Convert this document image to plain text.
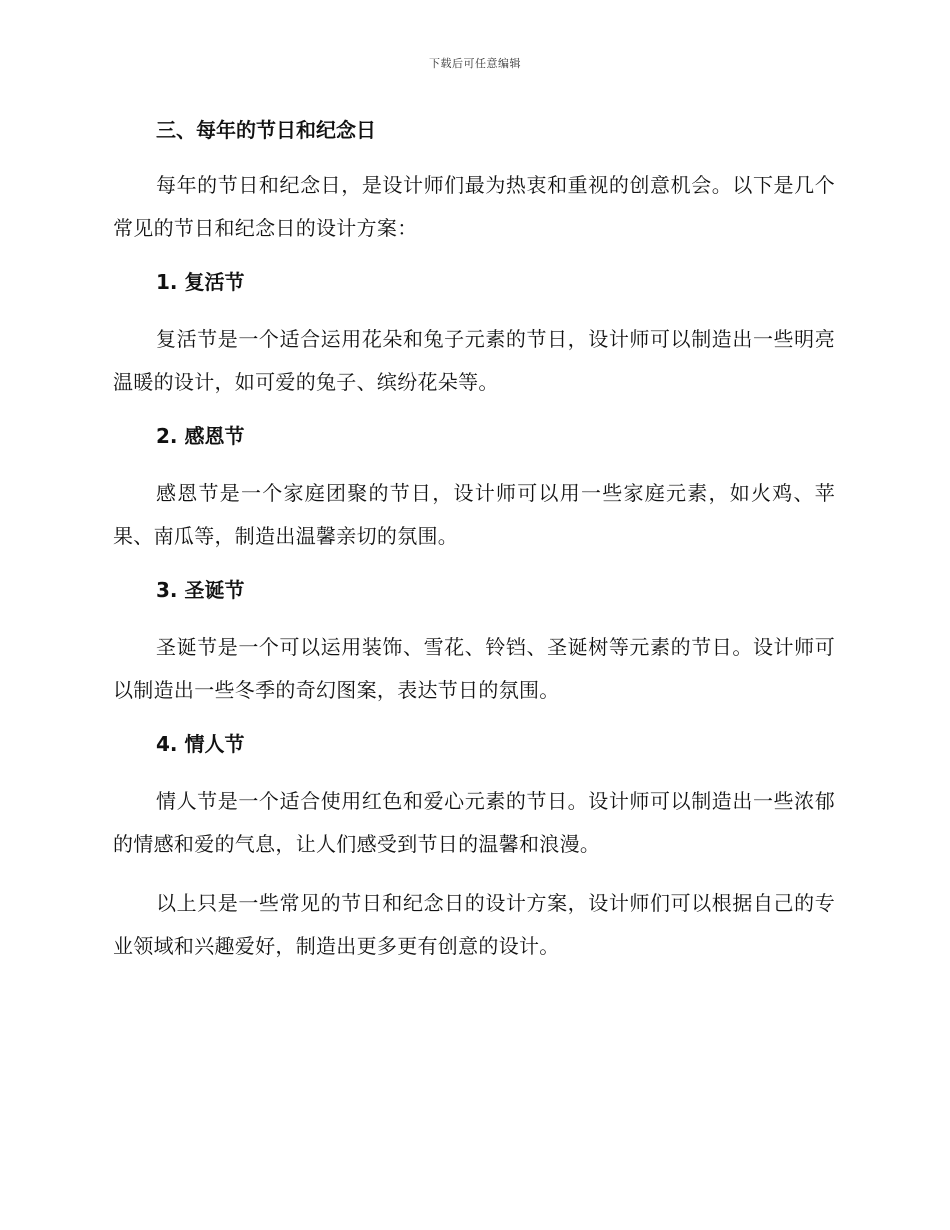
下载后可任意编辑
三、每年的节日和纪念日

每年的节日和纪念日，是设计师们最为热衷和重视的创意机会。以下是几个常见的节日和纪念日的设计方案：

1. 复活节

复活节是一个适合运用花朵和兔子元素的节日，设计师可以制造出一些明亮温暖的设计，如可爱的兔子、缤纷花朵等。

2. 感恩节

感恩节是一个家庭团聚的节日，设计师可以用一些家庭元素，如火鸡、苹果、南瓜等，制造出温馨亲切的氛围。

3. 圣诞节

圣诞节是一个可以运用装饰、雪花、铃铛、圣诞树等元素的节日。设计师可以制造出一些冬季的奇幻图案，表达节日的氛围。

4. 情人节

情人节是一个适合使用红色和爱心元素的节日。设计师可以制造出一些浓郁的情感和爱的气息，让人们感受到节日的温馨和浪漫。

以上只是一些常见的节日和纪念日的设计方案，设计师们可以根据自己的专业领域和兴趣爱好，制造出更多更有创意的设计。
